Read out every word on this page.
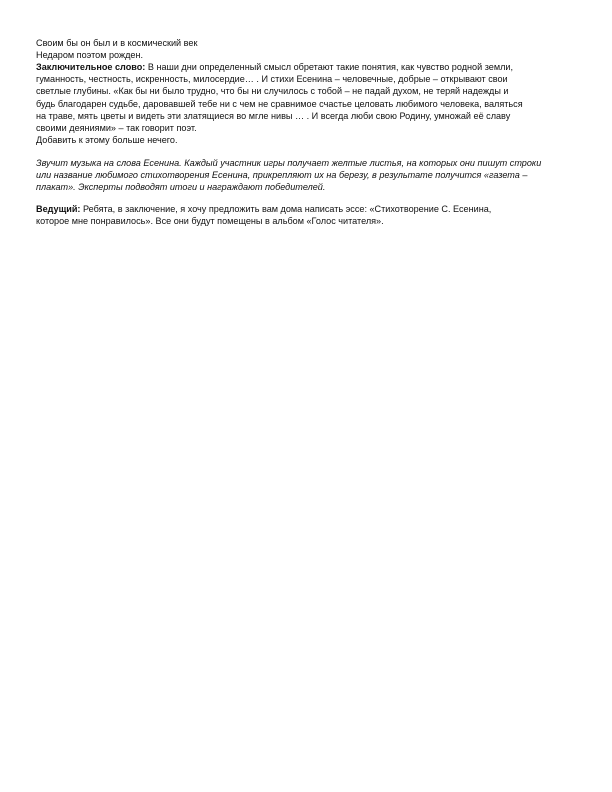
Своим бы он был и в космический век
Недаром поэтом рожден.
Заключительное слово: В наши дни определенный смысл обретают такие понятия, как чувство родной земли,
гуманность, честность, искренность, милосердие… . И стихи Есенина – человечные, добрые – открывают свои
светлые глубины. «Как бы ни было трудно, что бы ни случилось с тобой – не падай духом, не теряй надежды и
будь благодарен судьбе, даровавшей тебе ни с чем не сравнимое счастье целовать любимого человека, валяться
на траве, мять цветы и видеть эти златящиеся во мгле нивы … . И всегда люби свою Родину, умножай её славу
своими деяниями» – так говорит поэт.
Добавить к этому больше нечего.
Звучит музыка на слова Есенина. Каждый участник игры получает желтые листья, на которых они пишут строки
или название любимого стихотворения Есенина, прикрепляют их на березу, в результате получится «газета –
плакат». Эксперты подводят итоги и награждают победителей.
Ведущий: Ребята, в заключение, я хочу предложить вам дома написать эссе: «Стихотворение С. Есенина,
которое мне понравилось». Все они будут помещены в альбом «Голос читателя».
